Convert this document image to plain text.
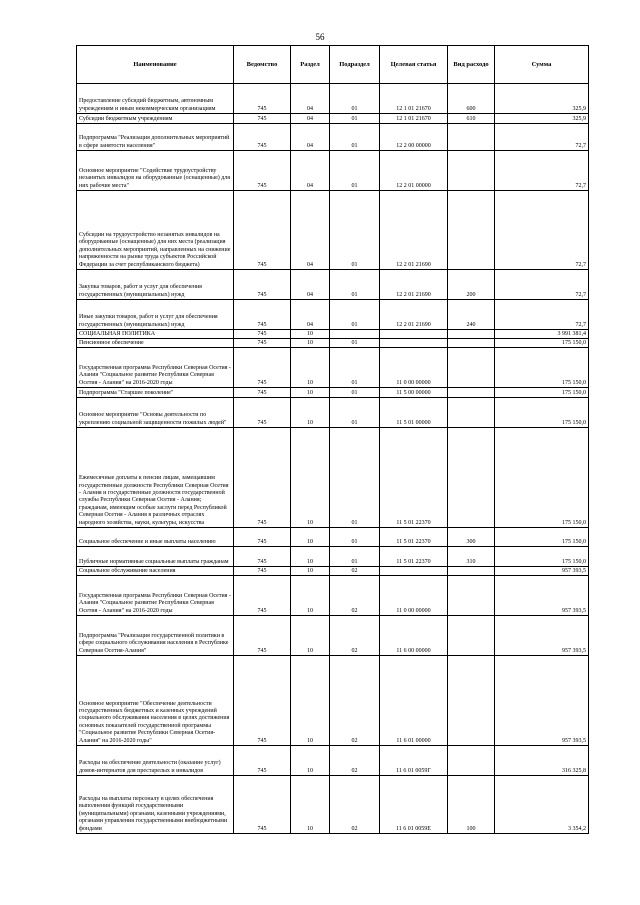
56
Наименование	Ведомство	Раздел	Подраздел	Целевая статья	Вид расходо	Сумма
Предоставление субсидий бюджетным, автономным учреждениям и иным некоммерческим организациям	745	04	01	12 1 01 21670	600	325,9
Субсидии бюджетным учреждениям	745	04	01	12 1 01 21670	610	325,9
Подпрограмма "Реализация дополнительных мероприятий в сфере занятости населения"	745	04	01	12 2 00 00000		72,7
Основное мероприятие "Содействие трудоустройству незанятых инвалидов на оборудованные (оснащенные) для них рабочие места"	745	04	01	12 2 01 00000		72,7
Субсидии на трудоустройство незанятых инвалидов на оборудованные (оснащенные) для них места (реализация дополнительных мероприятий, направленных на снижение напряженности на рынке труда субъектов Российской Федерации за счет республиканского бюджета)	745	04	01	12 2 01 21690		72,7
Закупка товаров, работ и услуг для обеспечения государственных (муниципальных) нужд	745	04	01	12 2 01 21690	200	72,7
Иные закупки товаров, работ и услуг для обеспечения государственных (муниципальных) нужд	745	04	01	12 2 01 21690	240	72,7
СОЦИАЛЬНАЯ ПОЛИТИКА	745	10				3 991 381,4
Пенсионное обеспечение	745	10	01			175 150,0
Государственная программа Республики Северная Осетия - Алания "Социальное развитие Республики Северная Осетия - Алания" на 2016-2020 годы	745	10	01	11 0 00 00000		175 150,0
Подпрограмма "Старшее поколение"	745	10	01	11 5 00 00000		175 150,0
Основное мероприятие "Основы деятельности по укреплению социальной защищенности пожилых людей"	745	10	01	11 5 01 00000		175 150,0
Ежемесячные доплаты к пенсии лицам, замещавшим государственные должности Республики Северная Осетия - Алания и государственные должности государственной службы Республики Северная Осетия - Алания; гражданам, имеющим особые заслуги перед Республикой Северная Осетия - Алания в различных отраслях народного хозяйства, науки, культуры, искусства	745	10	01	11 5 01 22370		175 150,0
Социальное обеспечение и иные выплаты населению	745	10	01	11 5 01 22370	300	175 150,0
Публичные нормативные социальные выплаты гражданам	745	10	01	11 5 01 22370	310	175 150,0
Социальное обслуживание населения	745	10	02			957 393,5
Государственная программа Республики Северная Осетия - Алания "Социальное развитие Республики Северная Осетия - Алания" на 2016-2020 годы	745	10	02	11 0 00 00000		957 393,5
Подпрограмма "Реализация государственной политики в сфере социального обслуживания населения в Республике Северная Осетия-Алания"	745	10	02	11 6 00 00000		957 393,5
Основное мероприятие "Обеспечение деятельности государственных бюджетных и казенных учреждений социального обслуживания населения в целях достижения основных показателей государственной программы "Социальное развитие Республики Северная Осетия-Алания" на 2016-2020 годы"	745	10	02	11 6 01 00000		957 393,5
Расходы на обеспечение деятельности (оказание услуг) домов-интернатов для престарелых и инвалидов	745	10	02	11 6 01 0059Г		316 325,8
Расходы на выплаты персоналу в целях обеспечения выполнения функций государственными (муниципальными) органами, казенными учреждениями, органами управления государственными внебюджетными фондами	745	10	02	11 6 01 0059Е	100	3 354,2
